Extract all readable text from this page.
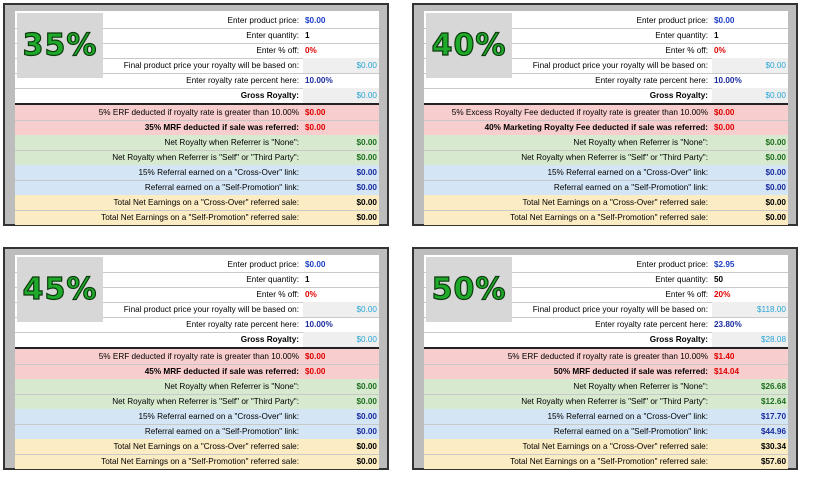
35%
Enter product price: $0.00
Enter quantity: 1
Enter % off: 0%
Final product price your royalty will be based on:	$0.00
Enter royalty rate percent here: 10.00%
Gross Royalty:	$0.00
5% ERF deducted if royalty rate is greater than 10.00% $0.00
35% MRF deducted if sale was referred: $0.00
Net Royalty when Referrer is "None":	$0.00
Net Royalty when Referrer is "Self" or "Third Party":	$0.00
15% Referral earned on a "Cross-Over" link:	$0.00
Referral earned on a "Self-Promotion" link:	$0.00
Total Net Earnings on a "Cross-Over" referred sale:	$0.00
Total Net Earnings on a "Self-Promotion" referred sale:	$0.00
40%
Enter product price: $0.00
Enter quantity: 1
Enter % off: 0%
Final product price your royalty will be based on:	$0.00
Enter royalty rate percent here: 10.00%
Gross Royalty:	$0.00
5% Excess Royalty Fee deducted if royalty rate is greater than 10.00% $0.00
40% Marketing Royalty Fee deducted if sale was referred: $0.00
Net Royalty when Referrer is "None":	$0.00
Net Royalty when Referrer is "Self" or "Third Party":	$0.00
15% Referral earned on a "Cross-Over" link:	$0.00
Referral earned on a "Self-Promotion" link:	$0.00
Total Net Earnings on a "Cross-Over" referred sale:	$0.00
Total Net Earnings on a "Self-Promotion" referred sale:	$0.00
45%
Enter product price: $0.00
Enter quantity: 1
Enter % off: 0%
Final product price your royalty will be based on:	$0.00
Enter royalty rate percent here: 10.00%
Gross Royalty:	$0.00
5% ERF deducted if royalty rate is greater than 10.00% $0.00
45% MRF deducted if sale was referred: $0.00
Net Royalty when Referrer is "None":	$0.00
Net Royalty when Referrer is "Self" or "Third Party":	$0.00
15% Referral earned on a "Cross-Over" link:	$0.00
Referral earned on a "Self-Promotion" link:	$0.00
Total Net Earnings on a "Cross-Over" referred sale:	$0.00
Total Net Earnings on a "Self-Promotion" referred sale:	$0.00
50%
Enter product price: $2.95
Enter quantity: 50
Enter % off: 20%
Final product price your royalty will be based on:	$118.00
Enter royalty rate percent here: 23.80%
Gross Royalty:	$28.08
5% ERF deducted if royalty rate is greater than 10.00% $1.40
50% MRF deducted if sale was referred: $14.04
Net Royalty when Referrer is "None":	$26.68
Net Royalty when Referrer is "Self" or "Third Party":	$12.64
15% Referral earned on a "Cross-Over" link:	$17.70
Referral earned on a "Self-Promotion" link:	$44.96
Total Net Earnings on a "Cross-Over" referred sale:	$30.34
Total Net Earnings on a "Self-Promotion" referred sale:	$57.60
